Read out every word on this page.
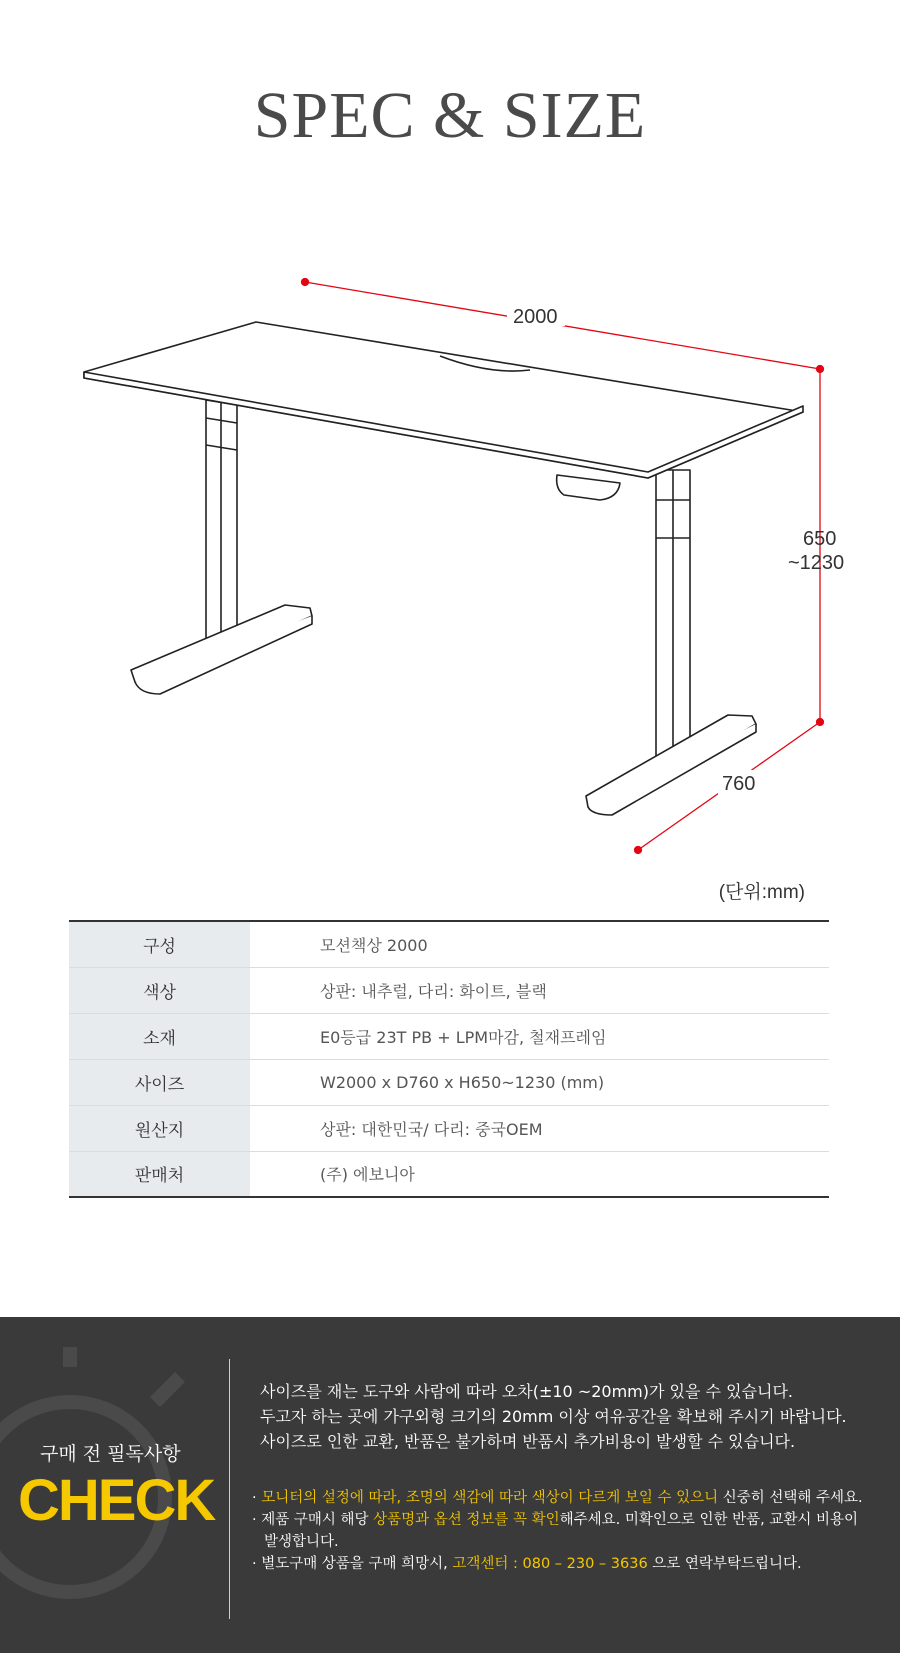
SPEC & SIZE
2000
650
~1230
760
(단위:mm)
구성	모션책상 2000
색상	상판: 내추럴, 다리: 화이트, 블랙
소재	E0등급 23T PB + LPM마감, 철재프레임
사이즈	W2000 x D760 x H650~1230 (mm)
원산지	상판: 대한민국/ 다리: 중국OEM
판매처	(주) 에보니아
구매 전 필독사항
CHECK
사이즈를 재는 도구와 사람에 따라 오차(±10 ~20mm)가 있을 수 있습니다.
두고자 하는 곳에 가구외형 크기의 20mm 이상 여유공간을 확보해 주시기 바랍니다.
사이즈로 인한 교환, 반품은 불가하며 반품시 추가비용이 발생할 수 있습니다.
· 모니터의 설정에 따라, 조명의 색감에 따라 색상이 다르게 보일 수 있으니 신중히 선택해 주세요.
· 제품 구매시 해당 상품명과 옵션 정보를 꼭 확인해주세요. 미확인으로 인한 반품, 교환시 비용이
발생합니다.
· 별도구매 상품을 구매 희망시, 고객센터 : 080 – 230 – 3636 으로 연락부탁드립니다.
